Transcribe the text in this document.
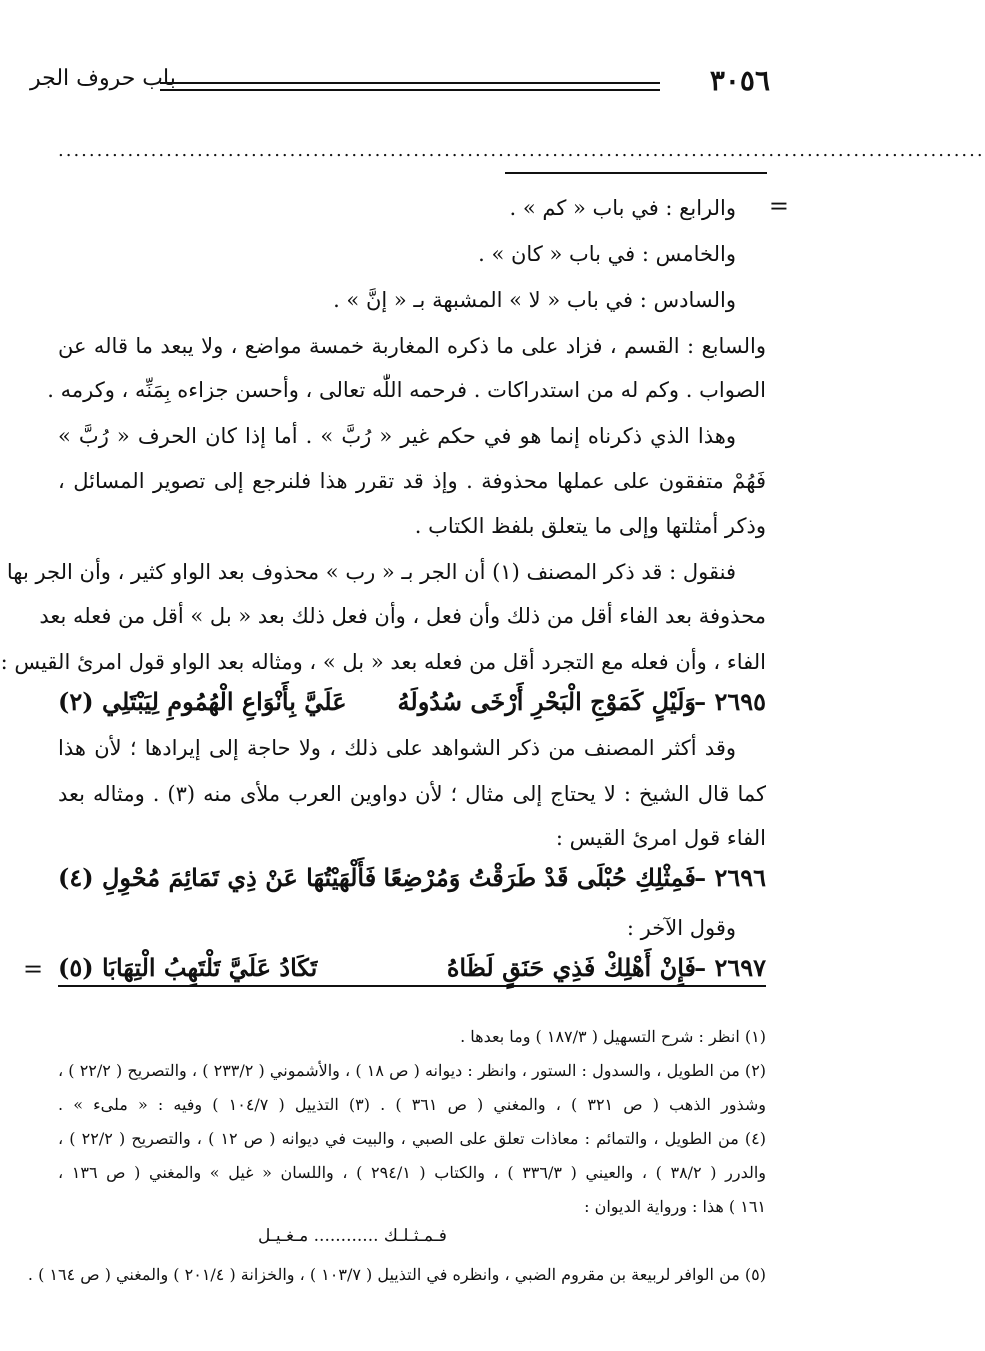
٣٠٥٦
باب حروف الجر
........................................................................................................................
=
والرابع : في باب « كم » .
والخامس : في باب « كان » .
والسادس : في باب « لا » المشبهة بـ « إنَّ » .
والسابع : القسم ، فزاد على ما ذكره المغاربة خمسة مواضع ، ولا يبعد ما قاله عن
الصواب . وكم له من استدراكات . فرحمه اللّٰه تعالى ، وأحسن جزاءه بِمَنِّه ، وكرمه .
وهذا الذي ذكرناه إنما هو في حكم غير « رُبَّ » . أما إذا كان الحرف « رُبَّ »
فَهُمْ متفقون على عملها محذوفة . وإذ قد تقرر هذا فلنرجع إلى تصوير المسائل ،
وذكر أمثلتها وإلى ما يتعلق بلفظ الكتاب .
فنقول : قد ذكر المصنف (١) أن الجر بـ « رب » محذوف بعد الواو كثير ، وأن الجر بها
محذوفة بعد الفاء أقل من ذلك وأن فعل ، وأن فعل ذلك بعد « بل » أقل من فعله بعد
الفاء ، وأن فعله مع التجرد أقل من فعله بعد « بل » ، ومثاله بعد الواو قول امرئ القيس :
٢٦٩٥ –
وَلَيْلٍ كَمَوْجِ الْبَحْرِ أَرْخَى سُدُولَهُ
عَلَيَّ بِأَنْوَاعِ الْهُمُومِ لِيَبْتَلِي (٢)
وقد أكثر المصنف من ذكر الشواهد على ذلك ، ولا حاجة إلى إيرادها ؛ لأن هذا
كما قال الشيخ : لا يحتاج إلى مثال ؛ لأن دواوين العرب ملأى منه (٣) . ومثاله بعد
الفاء قول امرئ القيس :
٢٦٩٦ –
فَمِثْلِكِ حُبْلَى قَدْ طَرَقْتُ وَمُرْضِعًا
فَأَلْهَيْتُهَا عَنْ ذِي تَمَائِمَ مُحْوِلِ (٤)
وقول الآخر :
٢٦٩٧ –
فَإِنْ أَهْلِكْ فَذِي حَنَقٍ لَظَاهُ
تَكَادُ عَلَيَّ تَلْتَهِبُ الْتِهَابَا (٥)
=
(١) انظر : شرح التسهيل ( ١٨٧/٣ ) وما بعدها .
(٢) من الطويل ، والسدول : الستور ، وانظر : ديوانه ( ص ١٨ ) ، والأشموني ( ٢٣٣/٢ ) ، والتصريح ( ٢٢/٢ ) ،
وشذور الذهب ( ص ٣٢١ ) ، والمغني ( ص ٣٦١ ) . (٣) التذييل ( ١٠٤/٧ ) وفيه : « ملىء » .
(٤) من الطويل ، والتمائم : معاذات تعلق على الصبي ، والبيت في ديوانه ( ص ١٢ ) ، والتصريح ( ٢٢/٢ ) ،
والدرر ( ٣٨/٢ ) ، والعيني ( ٣٣٦/٣ ) ، والكتاب ( ٢٩٤/١ ) ، واللسان « غيل » والمغني ( ص ١٣٦ ،
١٦١ ) هذا : ورواية الديوان :
فـمـثـلـك ............ مـغـيـل
(٥) من الوافر لربيعة بن مقروم الضبي ، وانظره في التذييل ( ١٠٣/٧ ) ، والخزانة ( ٢٠١/٤ ) والمغني ( ص ١٦٤ ) .
